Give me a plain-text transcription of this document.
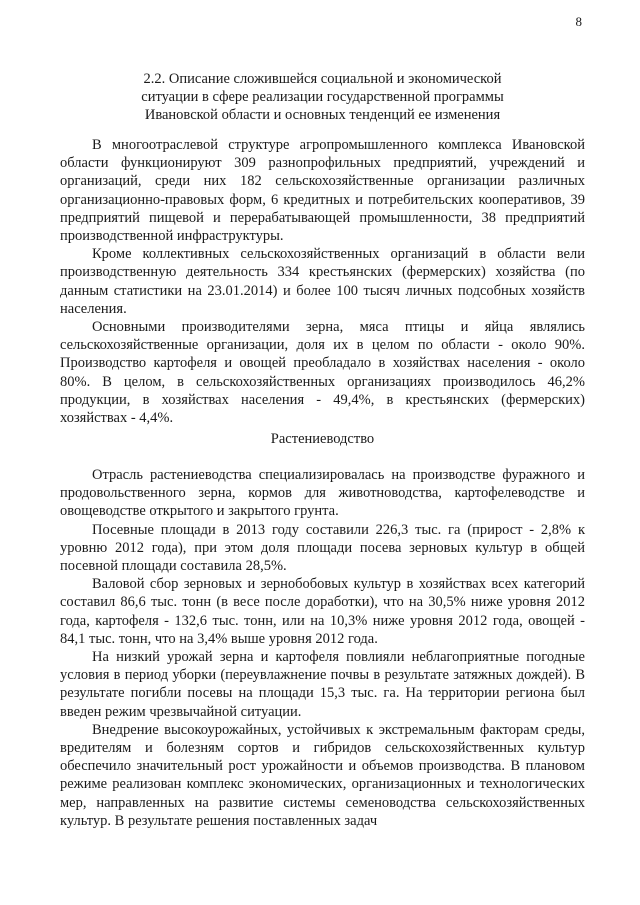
8
2.2. Описание сложившейся социальной и экономической
ситуации в сфере реализации государственной программы
Ивановской области и основных тенденций ее изменения

В многоотраслевой структуре агропромышленного комплекса Ивановской области функционируют 309 разнопрофильных предприятий, учреждений и организаций, среди них 182 сельскохозяйственные организации различных организационно-правовых форм, 6 кредитных и потребительских кооперативов, 39 предприятий пищевой и перерабатывающей промышленности, 38 предприятий производственной инфраструктуры.

Кроме коллективных сельскохозяйственных организаций в области вели производственную деятельность 334 крестьянских (фермерских) хозяйства (по данным статистики на 23.01.2014) и более 100 тысяч личных подсобных хозяйств населения.

Основными производителями зерна, мяса птицы и яйца являлись сельскохозяйственные организации, доля их в целом по области - около 90%. Производство картофеля и овощей преобладало в хозяйствах населения - около 80%. В целом, в сельскохозяйственных организациях производилось 46,2% продукции, в хозяйствах населения - 49,4%, в крестьянских (фермерских) хозяйствах - 4,4%.

Растениеводство

Отрасль растениеводства специализировалась на производстве фуражного и продовольственного зерна, кормов для животноводства, картофелеводстве и овощеводстве открытого и закрытого грунта.

Посевные площади в 2013 году составили 226,3 тыс. га (прирост - 2,8% к уровню 2012 года), при этом доля площади посева зерновых культур в общей посевной площади составила 28,5%.

Валовой сбор зерновых и зернобобовых культур в хозяйствах всех категорий составил 86,6 тыс. тонн (в весе после доработки), что на 30,5% ниже уровня 2012 года, картофеля - 132,6 тыс. тонн, или на 10,3% ниже уровня 2012 года, овощей - 84,1 тыс. тонн, что на 3,4% выше уровня 2012 года.

На низкий урожай зерна и картофеля повлияли неблагоприятные погодные условия в период уборки (переувлажнение почвы в результате затяжных дождей). В результате погибли посевы на площади 15,3 тыс. га. На территории региона был введен режим чрезвычайной ситуации.

Внедрение высокоурожайных, устойчивых к экстремальным факторам среды, вредителям и болезням сортов и гибридов сельскохозяйственных культур обеспечило значительный рост урожайности и объемов производства. В плановом режиме реализован комплекс экономических, организационных и технологических мер, направленных на развитие системы семеноводства сельскохозяйственных культур. В результате решения поставленных задач
